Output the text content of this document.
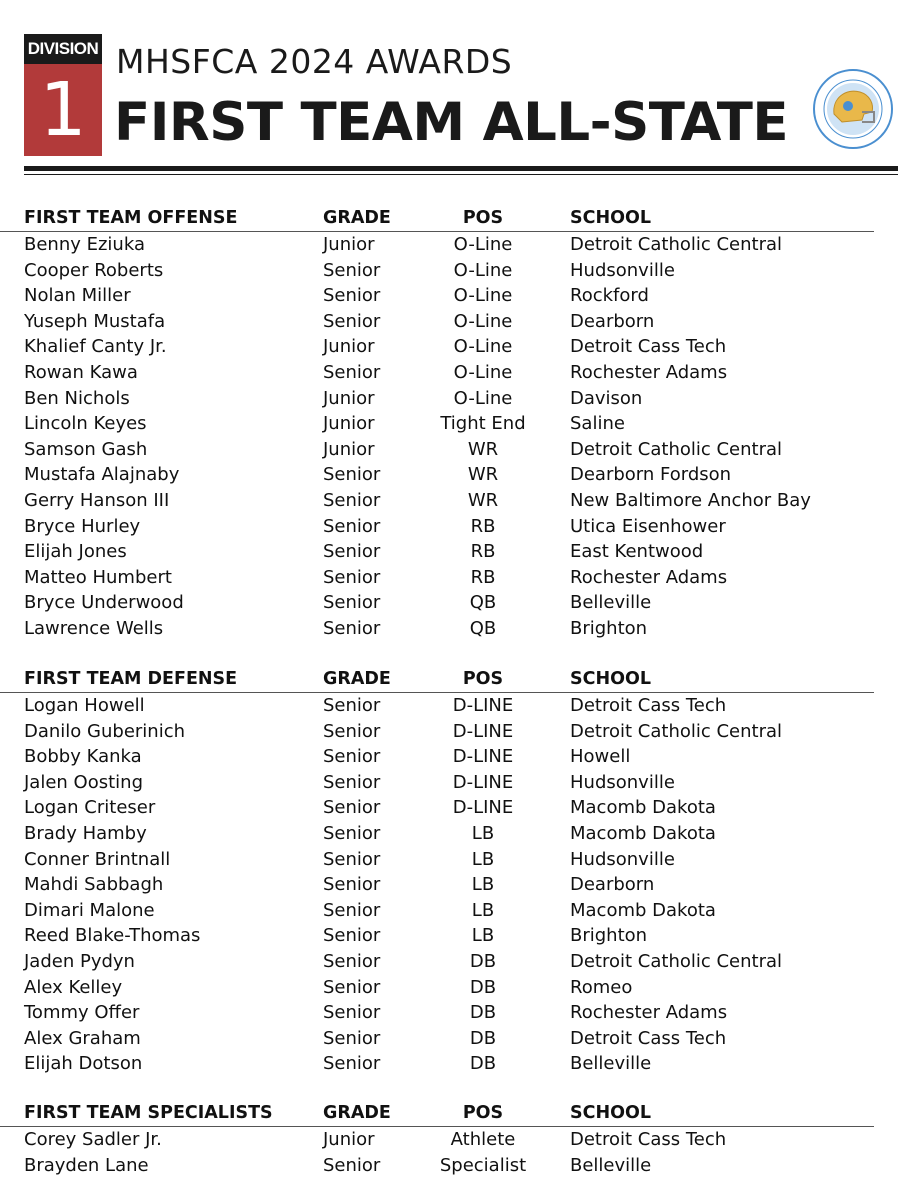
DIVISION
1
MHSFCA 2024 AWARDS
FIRST TEAM ALL-STATE
FIRST TEAM OFFENSE	GRADE	POS	SCHOOL
Benny Eziuka	Junior	O-Line	Detroit Catholic Central
Cooper Roberts	Senior	O-Line	Hudsonville
Nolan Miller	Senior	O-Line	Rockford
Yuseph Mustafa	Senior	O-Line	Dearborn
Khalief Canty Jr.	Junior	O-Line	Detroit Cass Tech
Rowan Kawa	Senior	O-Line	Rochester Adams
Ben Nichols	Junior	O-Line	Davison
Lincoln Keyes	Junior	Tight End	Saline
Samson Gash	Junior	WR	Detroit Catholic Central
Mustafa Alajnaby	Senior	WR	Dearborn Fordson
Gerry Hanson III	Senior	WR	New Baltimore Anchor Bay
Bryce Hurley	Senior	RB	Utica Eisenhower
Elijah Jones	Senior	RB	East Kentwood
Matteo Humbert	Senior	RB	Rochester Adams
Bryce Underwood	Senior	QB	Belleville
Lawrence Wells	Senior	QB	Brighton
FIRST TEAM DEFENSE	GRADE	POS	SCHOOL
Logan Howell	Senior	D-LINE	Detroit Cass Tech
Danilo Guberinich	Senior	D-LINE	Detroit Catholic Central
Bobby Kanka	Senior	D-LINE	Howell
Jalen Oosting	Senior	D-LINE	Hudsonville
Logan Criteser	Senior	D-LINE	Macomb Dakota
Brady Hamby	Senior	LB	Macomb Dakota
Conner Brintnall	Senior	LB	Hudsonville
Mahdi Sabbagh	Senior	LB	Dearborn
Dimari Malone	Senior	LB	Macomb Dakota
Reed Blake-Thomas	Senior	LB	Brighton
Jaden Pydyn	Senior	DB	Detroit Catholic Central
Alex Kelley	Senior	DB	Romeo
Tommy Offer	Senior	DB	Rochester Adams
Alex Graham	Senior	DB	Detroit Cass Tech
Elijah Dotson	Senior	DB	Belleville
FIRST TEAM SPECIALISTS	GRADE	POS	SCHOOL
Corey Sadler Jr.	Junior	Athlete	Detroit Cass Tech
Brayden Lane	Senior	Specialist	Belleville
